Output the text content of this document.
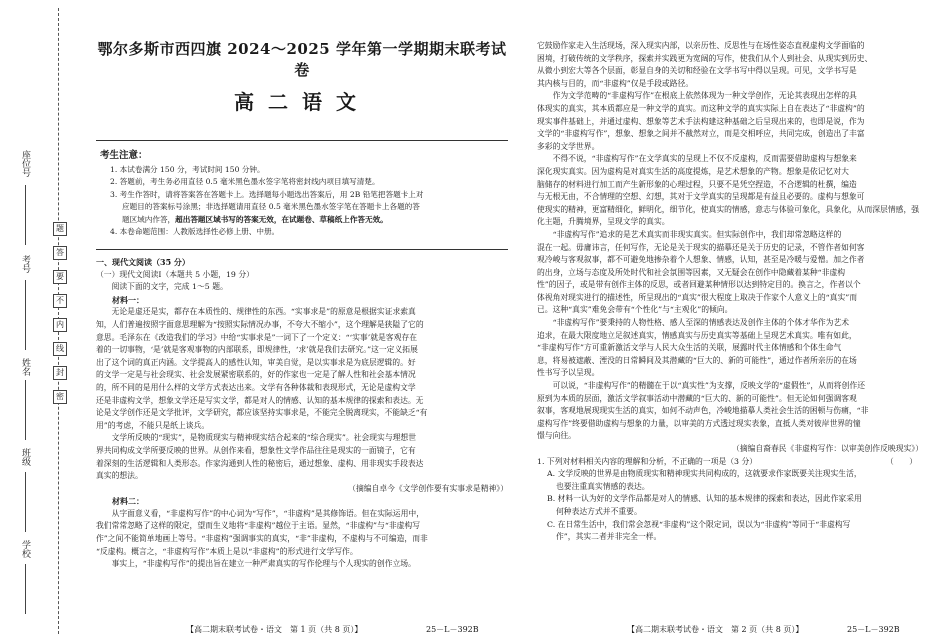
座位号
考号
姓名
班级
学校
题
答
要
不
内
线
封
密
鄂尔多斯市西四旗 2024～2025 学年第一学期期末联考试卷
高二语文
考生注意：
1. 本试卷满分 150 分，考试时间 150 分钟。
2. 答题前，考生务必用直径 0.5 毫米黑色墨水签字笔将密封线内项目填写清楚。
3. 考生作答时，请将答案答在答题卡上。选择题每小题选出答案后，用 2B 铅笔把答题卡上对
应题目的答案标号涂黑；非选择题请用直径 0.5 毫米黑色墨水签字笔在答题卡上各题的答
题区域内作答，超出答题区域书写的答案无效，在试题卷、草稿纸上作答无效。
4. 本卷命题范围：人教版选择性必修上册、中册。
一、现代文阅读（35 分）
（一）现代文阅读Ⅰ（本题共 5 小题，19 分）
阅读下面的文字，完成 1～5 题。
材料一：
无论是虚还是实，都存在本质性的、规律性的东西。“实事求是”的原意是根据实证求索真
知，人们普遍按照字面意思理解为“按照实际情况办事，不夸大不缩小”，这个理解是狭隘了它的
意思。毛泽东在《改造我们的学习》中给“实事求是”一词下了一个定义：“‘实事’就是客观存在
着的一切事物，‘是’就是客观事物的内部联系，即规律性，‘求’就是我们去研究。”这一定义拓展
出了这个词的真正内涵。文学提高人的感性认知，审美自觉，是以实事求是为底层逻辑的。好
的文学一定是与社会现实、社会发展紧密联系的，好的作家也一定是了解人性和社会基本情况
的，所不同的是用什么样的文学方式表达出来。文学有各种体裁和表现形式，无论是虚构文学
还是非虚构文学，想象文学还是写实文学，都是对人的情感、认知的基本规律的探索和表达。无
论是文学创作还是文学批评，文学研究，都应该坚持实事求是，不能完全脱离现实，不能缺乏“有
用”的考虑，不能只是纸上谈兵。
文学所反映的“现实”，是物质现实与精神现实结合起来的“综合现实”。社会现实与理想世
界共同构成文学所要反映的世界。从创作来看，想象性文学作品往往是现实的一面镜子，它有
着深刻的生活逻辑和人类形态。作家沟通到人性的秘密后，通过想象、虚构、用非现实手段表达
真实的想法。
（摘编自卓今《文学创作要有实事求是精神》）
材料二：
从字面意义看，“非虚构写作”的中心词为“写作”，“非虚构”是其修饰语。但在实际运用中，
我们常常忽略了这样的限定，望而生义地将“非虚构”越位于主语。显然，“非虚构”与“非虚构写
作”之间不能简单地画上等号。“非虚构”强调事实的真实，“非”非虚构，不虚构与不可编造，而非
“反虚构。概言之，“非虚构写作”本质上是以“非虚构”的形式进行文学写作。
事实上，“非虚构写作”的提出旨在建立一种严肃真实的写作伦理与个人现实的创作立场。
【高二期末联考试卷・语文　第 1 页（共 8 页）】	25－L－392B
它鼓励作家走入生活现场，深入现实内部，以亲历性、反思性与在场性姿态直视虚构文学面临的
困境，打破传统的文学秩序，探索并实践更为宽阔的写作，使我们从个人到社会、从现实到历史、
从微小到宏大等各个层面，彰显自身的关切和经验在文学书写中得以呈现。可见，文学书写是
其内核与目的，而“非虚构”仅是手段或路径。
作为文学范畴的“非虚构写作”在根底上依然体现为一种文学创作，无论其表现出怎样的具
体现实的真实，其本质都应是一种文学的真实。而这种文学的真实实际上自在表达了“非虚构”的
现实事件基础上，并通过虚构、想象等艺术手法构建这种基础之后呈现出来的，也即是说，作为
文学的“非虚构写作”，想象、想象之间并不截然对立，而是交相呼应，共同完成，创造出了丰富
多彩的文学世界。
不得不说，“非虚构写作”在文学真实的呈现上不仅不反虚构，反而需要借助虚构与想象来
深化现实真实。因为虚构是对真实生活的高度提炼，是艺术想象的产物。想象是依记忆对大
脑储存的材料进行加工而产生新形象的心理过程，只要不是凭空捏造，不合逻辑的杜撰，编造
与无根无由，不合情理的空想、幻想，其对于文学真实的呈现都是有益且必要的。虚构与想象可
使现实的精神，更富精细化，鲜明化，细节化，使真实的情感，意志与体验可象化，具象化，从而深层情感，强
化主题，升腾境界，呈现文学的真实。
“非虚构写作”追求的是艺术真实而非现实真实。但实际创作中，我们却常忽略这样的
混在一起。毋庸讳言，任何写作，无论是关于现实的描摹还是关于历史的记录，不管作者如何客
观冷峻与客观叙事，都不可避免地掺杂着个人想象、情感，认知，甚至是冷暖与爱憎。加之作者
的出身，立场与态度及所处时代和社会氛围等因素，又无疑会在创作中隐藏着某种“非虚构
性”的因子，或是带有创作主体的反思，或者回避某种情形以达到特定目的。换言之，作者以个
体视角对现实进行的描述性，所呈现出的“真实”很大程度上取决于作家个人意义上的“真实”而
已。这种“真实”难免会带有“个性化”与“主观化”的倾向。
“非虚构写作”要秉持的人物性格、感人至深的情感表达及创作主体的个体才华作为艺术
追求，在最大限度地立足叙述真实，情感真实与历史真实等基础上呈现艺术真实。唯有如此，
“非虚构写作”方可重新激活文学与人民大众生活的关联，展露时代主体情感和个体生命气
息，将易被遮蔽、湮没的日常瞬间及其潜藏的“巨大的、新的可能性”，通过作者所亲历的在场
性书写予以呈现。
可以说，“非虚构写作”的精髓在于以“真实性”为支撑，反映文学的“虚假性”，从而将创作还
原到为本质的层面，激活文学叙事活动中潜藏的“巨大的、新的可能性”。但无论如何强调客观
叙事，客观地展现现实生活的真实，如何不动声色，冷峻地描摹人类社会生活的困顿与伤痛，“非
虚构写作”终要借助虚构与想象的力量，以审美的方式透过现实表象，直抵人类对彼岸世界的憧
憬与向往。
（摘编自裔春民《非虚构写作：以审美创作反映现实》）
1. 下列对材料相关内容的理解和分析，不正确的一项是（3 分）	（　　）
A. 文学反映的世界是由物质现实和精神现实共同构成的，这就要求作家既要关注现实生活，
也要注重真实情感的表达。
B. 材料一认为好的文学作品都是对人的情感、认知的基本规律的探索和表达，因此作家采用
何种表达方式并不重要。
C. 在日常生活中，我们常会忽视“非虚构”这个限定词，误以为“非虚构”等同于“非虚构写
作”，其实二者并非完全一样。
【高二期末联考试卷・语文　第 2 页（共 8 页）】	25－L－392B
